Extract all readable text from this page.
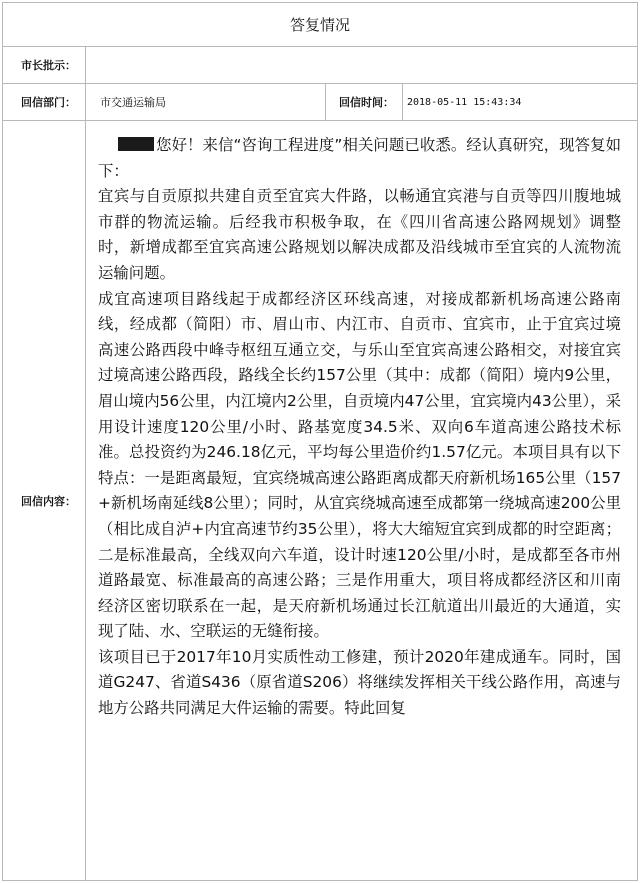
答复情况
市长批示：
回信部门：	市交通运输局	回信时间：	2018-05-11 15:43:34
回信内容：

您好！来信“咨询工程进度”相关问题已收悉。经认真研究，现答复如下：

宜宾与自贡原拟共建自贡至宜宾大件路，以畅通宜宾港与自贡等四川腹地城市群的物流运输。后经我市积极争取，在《四川省高速公路网规划》调整时，新增成都至宜宾高速公路规划以解决成都及沿线城市至宜宾的人流物流运输问题。

成宜高速项目路线起于成都经济区环线高速，对接成都新机场高速公路南线，经成都（简阳）市、眉山市、内江市、自贡市、宜宾市，止于宜宾过境高速公路西段中峰寺枢纽互通立交，与乐山至宜宾高速公路相交，对接宜宾过境高速公路西段，路线全长约157公里（其中：成都（简阳）境内9公里，眉山境内56公里，内江境内2公里，自贡境内47公里，宜宾境内43公里），采用设计速度120公里/小时、路基宽度34.5米、双向6车道高速公路技术标准。总投资约为246.18亿元，平均每公里造价约1.57亿元。本项目具有以下特点：一是距离最短，宜宾绕城高速公路距离成都天府新机场165公里（157+新机场南延线8公里）；同时，从宜宾绕城高速至成都第一绕城高速200公里（相比成自泸+内宜高速节约35公里），将大大缩短宜宾到成都的时空距离；二是标准最高，全线双向六车道，设计时速120公里/小时，是成都至各市州道路最宽、标准最高的高速公路；三是作用重大，项目将成都经济区和川南经济区密切联系在一起，是天府新机场通过长江航道出川最近的大通道，实现了陆、水、空联运的无缝衔接。

该项目已于2017年10月实质性动工修建，预计2020年建成通车。同时，国道G247、省道S436（原省道S206）将继续发挥相关干线公路作用，高速与地方公路共同满足大件运输的需要。特此回复
